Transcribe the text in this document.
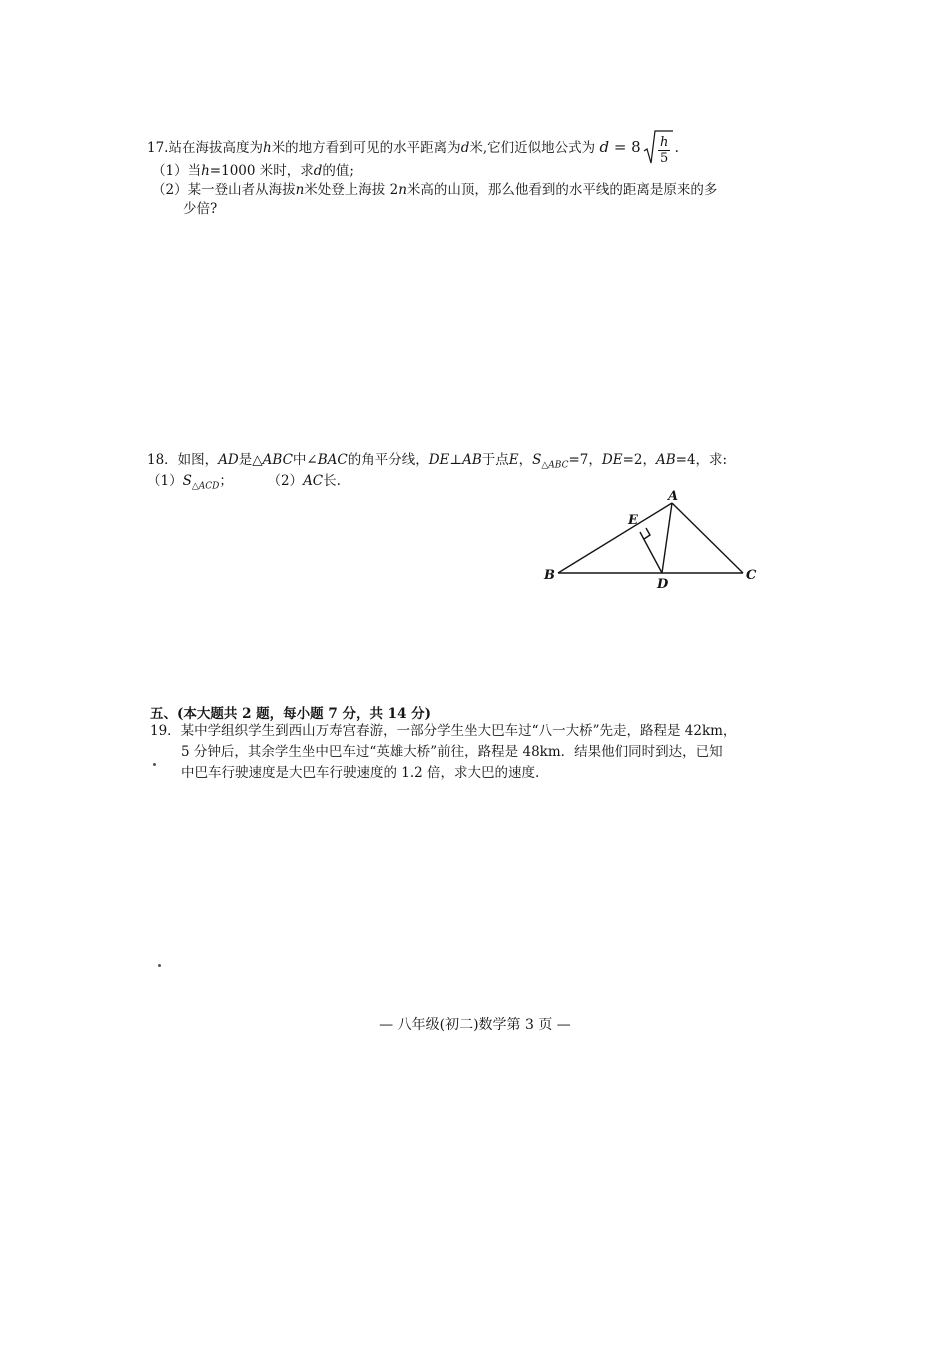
17.站在海拔高度为h米的地方看到可见的水平距离为d米,它们近似地公式为 $d = 8 \frac{h}{5}$ .
（1）当h=1000 米时，求d的值;
（2）某一登山者从海拔n米处登上海拔 2n米高的山顶，那么他看到的水平线的距离是原来的多
少倍?
18．如图，AD是△ABC中∠BAC的角平分线，DE⊥AB于点E，$S_{\triangle ABC}=7$，DE=2，AB=4，求:
$(1)S_{\triangle ACD}$；	（2）AC长.
A
B	C
D
E
五、(本大题共 2 题，每小题 7 分，共 14 分)
19．某中学组织学生到西山万寿宫春游，一部分学生坐大巴车过“八一大桥”先走，路程是 42km，
5 分钟后，其余学生坐中巴车过“英雄大桥”前往，路程是 48km．结果他们同时到达，已知
中巴车行驶速度是大巴车行驶速度的 1.2 倍，求大巴的速度.
— 八年级(初二)数学第 3 页 —
